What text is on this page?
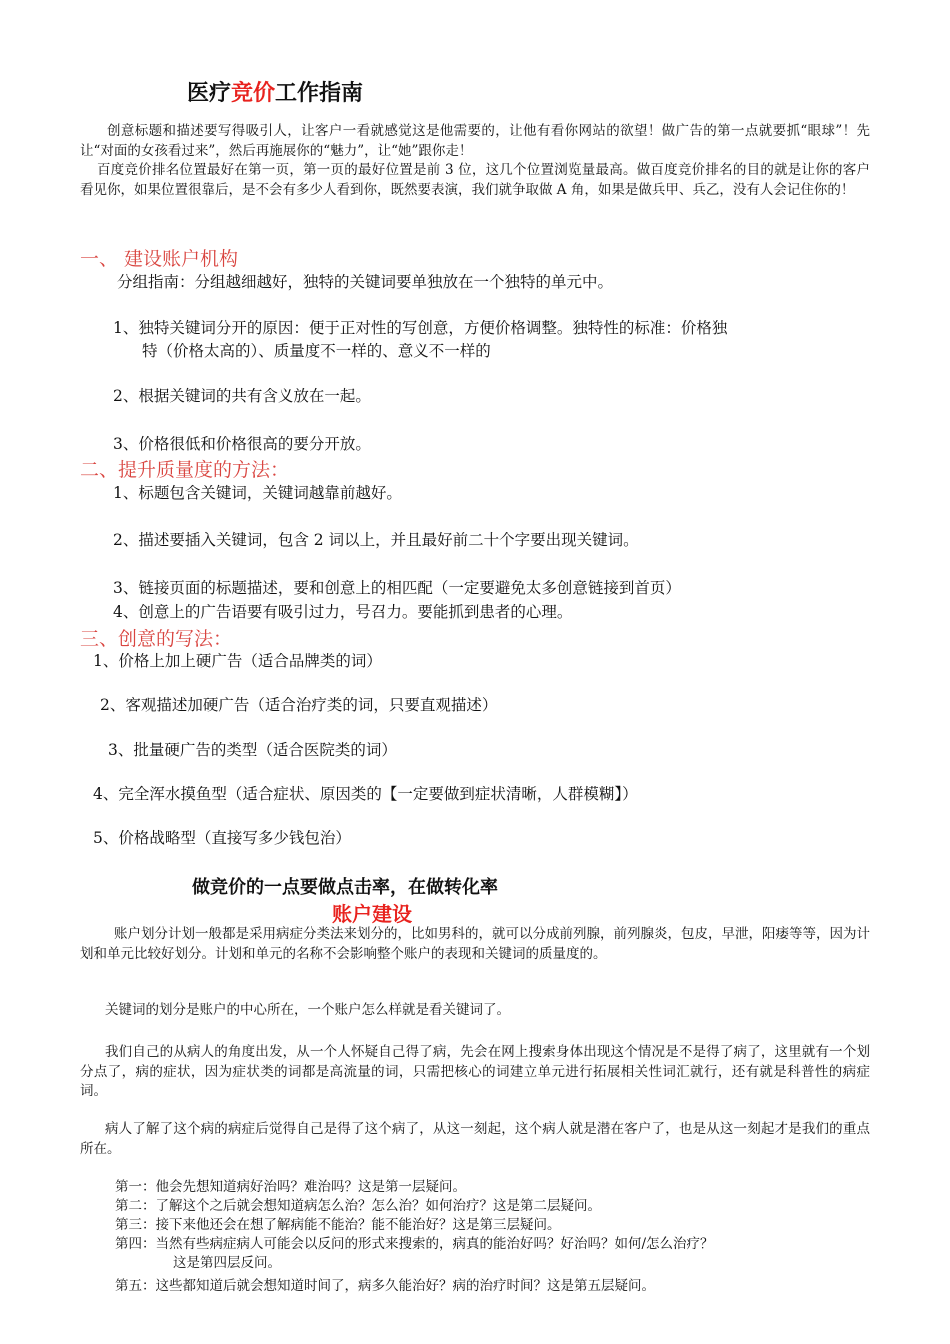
医疗竞价工作指南
创意标题和描述要写得吸引人，让客户一看就感觉这是他需要的，让他有看你网站的欲望！做广告的第一点就要抓“眼球”！先让“对面的女孩看过来”，然后再施展你的“魅力”，让“她”跟你走！
百度竞价排名位置最好在第一页，第一页的最好位置是前 3 位，这几个位置浏览量最高。做百度竞价排名的目的就是让你的客户看见你，如果位置很靠后，是不会有多少人看到你，既然要表演，我们就争取做 A 角，如果是做兵甲、兵乙，没有人会记住你的！
一、 建设账户机构
分组指南：分组越细越好，独特的关键词要单独放在一个独特的单元中。
1、独特关键词分开的原因：便于正对性的写创意，方便价格调整。独特性的标准：价格独
特（价格太高的）、质量度不一样的、意义不一样的
2、根据关键词的共有含义放在一起。
3、价格很低和价格很高的要分开放。
二、提升质量度的方法：
1、标题包含关键词，关键词越靠前越好。
2、描述要插入关键词，包含 2 词以上，并且最好前二十个字要出现关键词。
3、链接页面的标题描述，要和创意上的相匹配（一定要避免太多创意链接到首页）
4、创意上的广告语要有吸引过力，号召力。要能抓到患者的心理。
三、创意的写法：
1、价格上加上硬广告（适合品牌类的词）
2、客观描述加硬广告（适合治疗类的词，只要直观描述）
3、批量硬广告的类型（适合医院类的词）
4、完全浑水摸鱼型（适合症状、原因类的【一定要做到症状清晰，人群模糊】）
5、价格战略型（直接写多少钱包治）
做竞价的一点要做点击率，在做转化率
账户建设
账户划分计划一般都是采用病症分类法来划分的，比如男科的，就可以分成前列腺，前列腺炎，包皮，早泄，阳痿等等，因为计划和单元比较好划分。计划和单元的名称不会影响整个账户的表现和关键词的质量度的。
关键词的划分是账户的中心所在，一个账户怎么样就是看关键词了。
我们自己的从病人的角度出发，从一个人怀疑自己得了病，先会在网上搜索身体出现这个情况是不是得了病了，这里就有一个划分点了，病的症状，因为症状类的词都是高流量的词，只需把核心的词建立单元进行拓展相关性词汇就行，还有就是科普性的病症词。
病人了解了这个病的病症后觉得自己是得了这个病了，从这一刻起，这个病人就是潜在客户了，也是从这一刻起才是我们的重点所在。
第一：他会先想知道病好治吗？难治吗？这是第一层疑问。
第二：了解这个之后就会想知道病怎么治？怎么治？如何治疗？这是第二层疑问。
第三：接下来他还会在想了解病能不能治？能不能治好？这是第三层疑问。
第四：当然有些病症病人可能会以反问的形式来搜索的，病真的能治好吗？好治吗？如何/怎么治疗？
这是第四层反问。
第五：这些都知道后就会想知道时间了，病多久能治好？病的治疗时间？这是第五层疑问。
